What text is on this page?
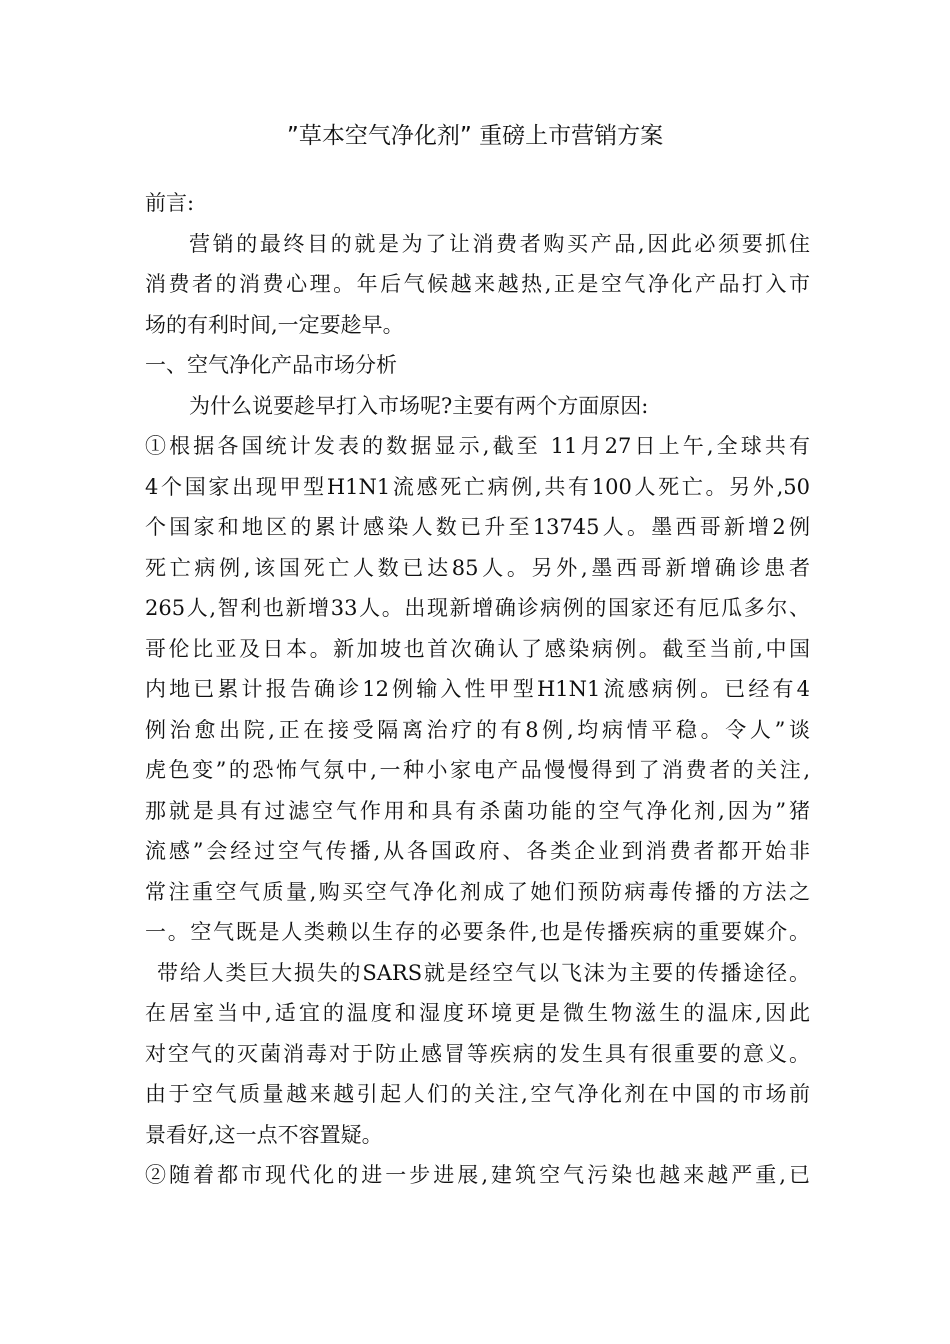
”草本空气净化剂” 重磅上市营销方案
前言:
营销的最终目的就是为了让消费者购买产品,因此必须要抓住
消费者的消费心理。年后气候越来越热,正是空气净化产品打入市
场的有利时间,一定要趁早。
一、空气净化产品市场分析
为什么说要趁早打入市场呢?主要有两个方面原因:
①根据各国统计发表的数据显示,截至 11月27日上午,全球共有
4个国家出现甲型H1N1流感死亡病例,共有100人死亡。另外,50
个国家和地区的累计感染人数已升至13745人。墨西哥新增2例
死亡病例,该国死亡人数已达85人。另外,墨西哥新增确诊患者
265人,智利也新增33人。出现新增确诊病例的国家还有厄瓜多尔、
哥伦比亚及日本。新加坡也首次确认了感染病例。截至当前,中国
内地已累计报告确诊12例输入性甲型H1N1流感病例。已经有4
例治愈出院,正在接受隔离治疗的有8例,均病情平稳。令人”谈
虎色变”的恐怖气氛中,一种小家电产品慢慢得到了消费者的关注,
那就是具有过滤空气作用和具有杀菌功能的空气净化剂,因为”猪
流感”会经过空气传播,从各国政府、各类企业到消费者都开始非
常注重空气质量,购买空气净化剂成了她们预防病毒传播的方法之
一。空气既是人类赖以生存的必要条件,也是传播疾病的重要媒介。
带给人类巨大损失的SARS就是经空气以飞沫为主要的传播途径。
在居室当中,适宜的温度和湿度环境更是微生物滋生的温床,因此
对空气的灭菌消毒对于防止感冒等疾病的发生具有很重要的意义。
由于空气质量越来越引起人们的关注,空气净化剂在中国的市场前
景看好,这一点不容置疑。
②随着都市现代化的进一步进展,建筑空气污染也越来越严重,已
